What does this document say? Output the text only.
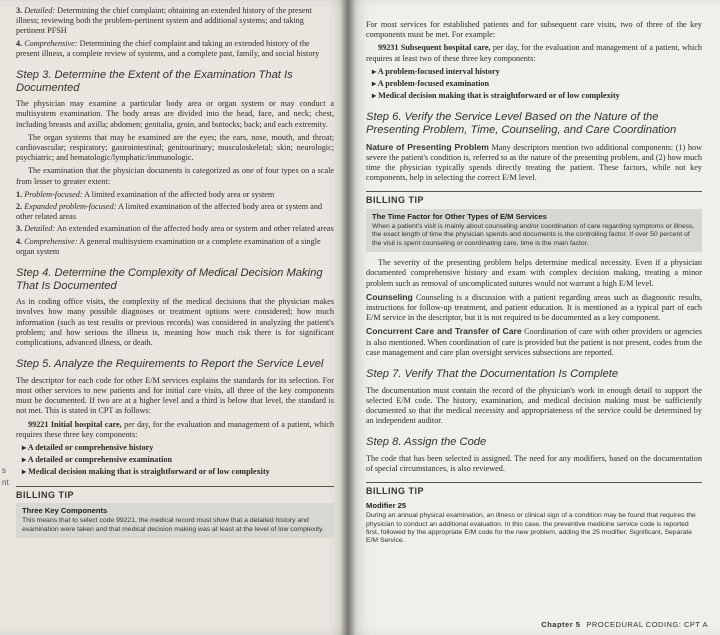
s
nt
3. Detailed: Determining the chief complaint; obtaining an extended history of the present illness; reviewing both the problem-pertinent system and additional systems; and taking pertinent PFSH
4. Comprehensive: Determining the chief complaint and taking an extended history of the present illness, a complete review of systems, and a complete past, family, and social history
Step 3. Determine the Extent of the Examination That Is Documented

The physician may examine a particular body area or organ system or may conduct a multisystem examination. The body areas are divided into the head, face, and neck; chest, including breasts and axilla; abdomen; genitalia, groin, and buttocks; back; and each extremity.

The organ systems that may be examined are the eyes; the ears, nose, mouth, and throat; cardiovascular; respiratory; gastrointestinal; genitourinary; musculoskeletal; skin; neurologic; psychiatric; and hematologic/lymphatic/immunologic.

The examination that the physician documents is categorized as one of four types on a scale from lesser to greater extent:

1. Problem-focused: A limited examination of the affected body area or system
2. Expanded problem-focused: A limited examination of the affected body area or system and other related areas
3. Detailed: An extended examination of the affected body area or system and other related areas
4. Comprehensive: A general multisystem examination or a complete examination of a single organ system
Step 4. Determine the Complexity of Medical Decision Making That Is Documented

As in coding office visits, the complexity of the medical decisions that the physician makes involves how many possible diagnoses or treatment options were considered; how much information (such as test results or previous records) was considered in analyzing the patient's problem; and how serious the illness is, meaning how much risk there is for significant complications, advanced illness, or death.

Step 5. Analyze the Requirements to Report the Service Level

The descriptor for each code for other E/M services explains the standards for its selection. For most other services to new patients and for initial care visits, all three of the key components must be documented. If two are at a higher level and a third is below that level, the standard is not met. This is stated in CPT as follows:

99221 Initial hospital care, per day, for the evaluation and management of a patient, which requires these three key components:

▸ A detailed or comprehensive history
▸ A detailed or comprehensive examination
▸ Medical decision making that is straightforward or of low complexity
BILLING TIP
Three Key Components
This means that to select code 99221, the medical record must show that a detailed history and examination were taken and that medical decision making was at least at the level of low complexity.

For most services for established patients and for subsequent care visits, two of three of the key components must be met. For example:

99231 Subsequent hospital care, per day, for the evaluation and management of a patient, which requires at least two of these three key components:

▸ A problem-focused interval history
▸ A problem-focused examination
▸ Medical decision making that is straightforward or of low complexity
Step 6. Verify the Service Level Based on the Nature of the Presenting Problem, Time, Counseling, and Care Coordination

Nature of Presenting Problem Many descriptors mention two additional components: (1) how severe the patient's condition is, referred to as the nature of the presenting problem, and (2) how much time the physician typically spends directly treating the patient. These factors, while not key components, help in selecting the correct E/M level.

BILLING TIP
The Time Factor for Other Types of E/M Services
When a patient's visit is mainly about counseling and/or coordination of care regarding symptoms or illness, the exact length of time the physician spends and documents is the controlling factor. If over 50 percent of the visit is spent counseling or coordinating care, time is the main factor.

The severity of the presenting problem helps determine medical necessity. Even if a physician documented comprehensive history and exam with complex decision making, treating a minor problem such as removal of uncomplicated sutures would not warrant a high E/M level.

Counseling Counseling is a discussion with a patient regarding areas such as diagnostic results, instructions for follow-up treatment, and patient education. It is mentioned as a typical part of each E/M service in the descriptor, but it is not required to be documented as a key component.

Concurrent Care and Transfer of Care Coordination of care with other providers or agencies is also mentioned. When coordination of care is provided but the patient is not present, codes from the case management and care plan oversight services subsections are reported.

Step 7. Verify That the Documentation Is Complete

The documentation must contain the record of the physician's work in enough detail to support the selected E/M code. The history, examination, and medical decision making must be sufficiently documented so that the medical necessity and appropriateness of the service could be determined by an independent auditor.

Step 8. Assign the Code

The code that has been selected is assigned. The need for any modifiers, based on the documentation of special circumstances, is also reviewed.

BILLING TIP
Modifier 25
During an annual physical examination, an illness or clinical sign of a condition may be found that requires the physician to conduct an additional evaluation. In this case, the preventive medicine service code is reported first, followed by the appropriate E/M code for the new problem, adding the 25 modifier, Significant, Separate E/M Service.
Chapter 5 PROCEDURAL CODING: CPT A
